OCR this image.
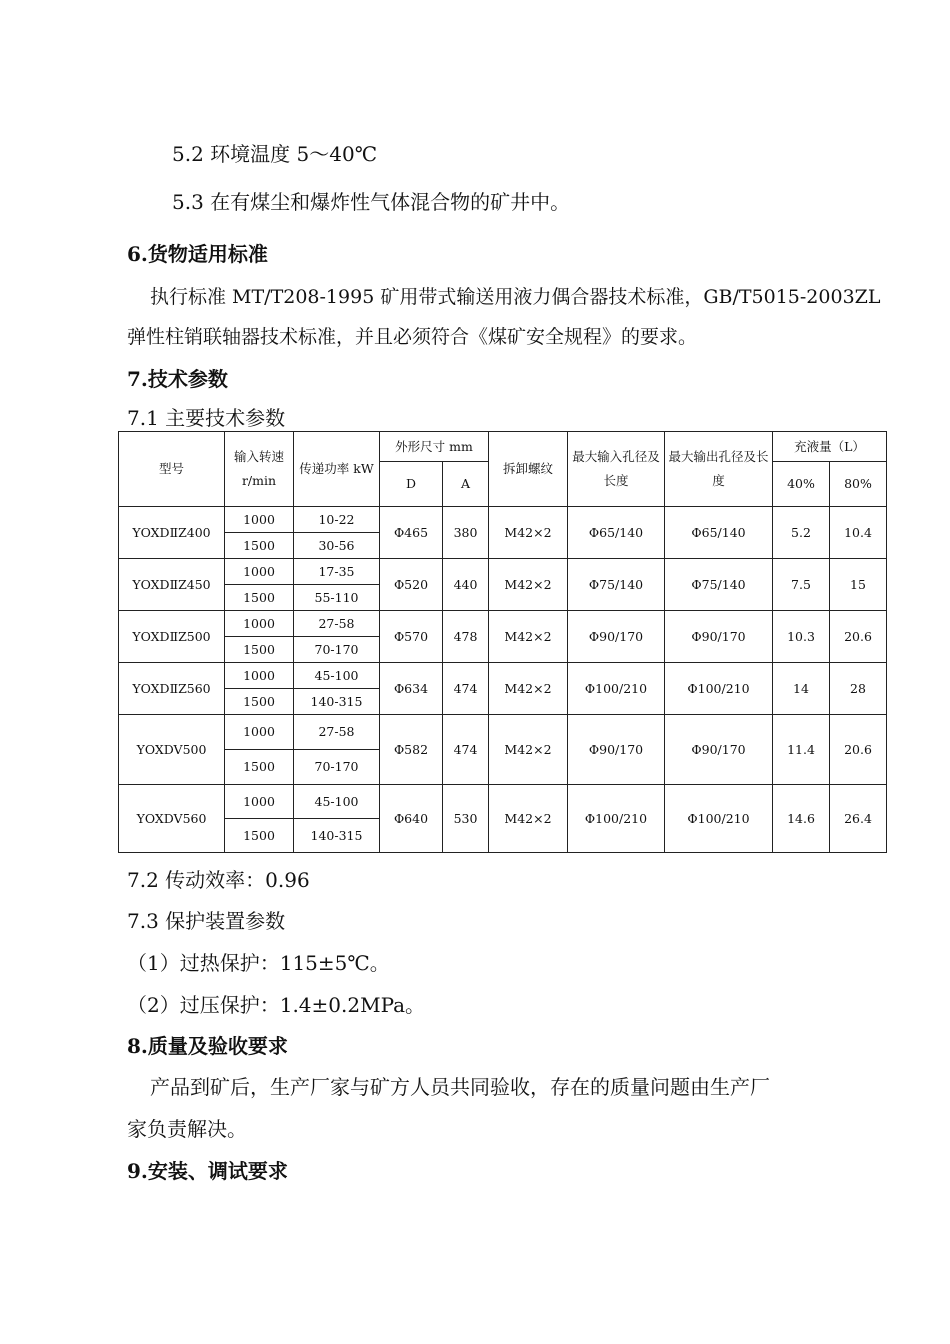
5.2 环境温度 5～40℃
5.3 在有煤尘和爆炸性气体混合物的矿井中。
6.货物适用标准
执行标准 MT/T208-1995 矿用带式输送用液力偶合器技术标准，GB/T5015-2003ZL
弹性柱销联轴器技术标准，并且必须符合《煤矿安全规程》的要求。
7.技术参数
7.1 主要技术参数
型号	输入转速 r/min	传递功率 kW	外形尺寸 mm		拆卸螺纹	最大输入孔径及长度	最大输出孔径及长度	充液量（L）	
			D	A				40%	80%
YOXDⅡZ400	1000	10-22	Φ465	380	M42×2	Φ65/140	Φ65/140	5.2	10.4
	1500	30-56							
YOXDⅡZ450	1000	17-35	Φ520	440	M42×2	Φ75/140	Φ75/140	7.5	15
	1500	55-110							
YOXDⅡZ500	1000	27-58	Φ570	478	M42×2	Φ90/170	Φ90/170	10.3	20.6
	1500	70-170							
YOXDⅡZ560	1000	45-100	Φ634	474	M42×2	Φ100/210	Φ100/210	14	28
	1500	140-315							
YOXDV500	1000	27-58	Φ582	474	M42×2	Φ90/170	Φ90/170	11.4	20.6
	1500	70-170							
YOXDV560	1000	45-100	Φ640	530	M42×2	Φ100/210	Φ100/210	14.6	26.4
	1500	140-315							
7.2 传动效率：0.96
7.3 保护装置参数
（1）过热保护：115±5℃。
（2）过压保护：1.4±0.2MPa。
8.质量及验收要求
产品到矿后，生产厂家与矿方人员共同验收，存在的质量问题由生产厂
家负责解决。
9.安装、调试要求
